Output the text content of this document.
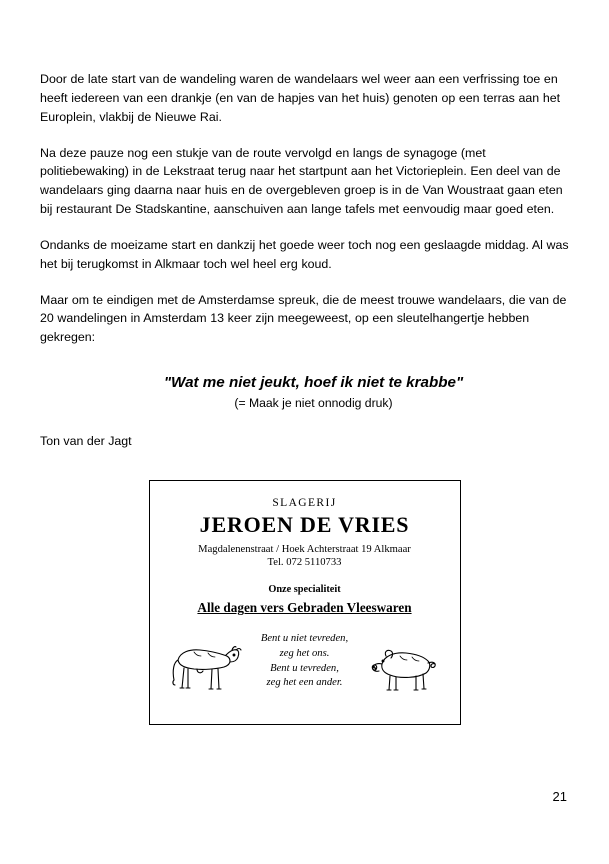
Door de late start van de wandeling waren de wandelaars wel weer aan een verfrissing toe en heeft iedereen van een drankje (en van de hapjes van het huis) genoten op een terras aan het Europlein, vlakbij de Nieuwe Rai.

Na deze pauze nog een stukje van de route vervolgd en langs de synagoge (met politiebewaking) in de Lekstraat terug naar het startpunt aan het Victorieplein. Een deel van de wandelaars ging daarna naar huis en de overgebleven groep is in de Van Woustraat gaan eten bij restaurant De Stadskantine, aanschuiven aan lange tafels met eenvoudig maar goed eten.

Ondanks de moeizame start en dankzij het goede weer toch nog een geslaagde middag. Al was het bij terugkomst in Alkmaar toch wel heel erg koud.

Maar om te eindigen met de Amsterdamse spreuk, die de meest trouwe wandelaars, die van de 20 wandelingen in Amsterdam 13 keer zijn meegeweest, op een sleutelhangertje hebben gekregen:

"Wat me niet jeukt, hoef ik niet te krabbe"

(= Maak je niet onnodig druk)

Ton van der Jagt

SLAGERIJ
JEROEN DE VRIES
Magdalenenstraat / Hoek Achterstraat 19 Alkmaar
Tel. 072 5110733
Onze specialiteit
Alle dagen vers Gebraden Vleeswaren
Bent u niet tevreden,
zeg het ons.
Bent u tevreden,
zeg het een ander.
21
